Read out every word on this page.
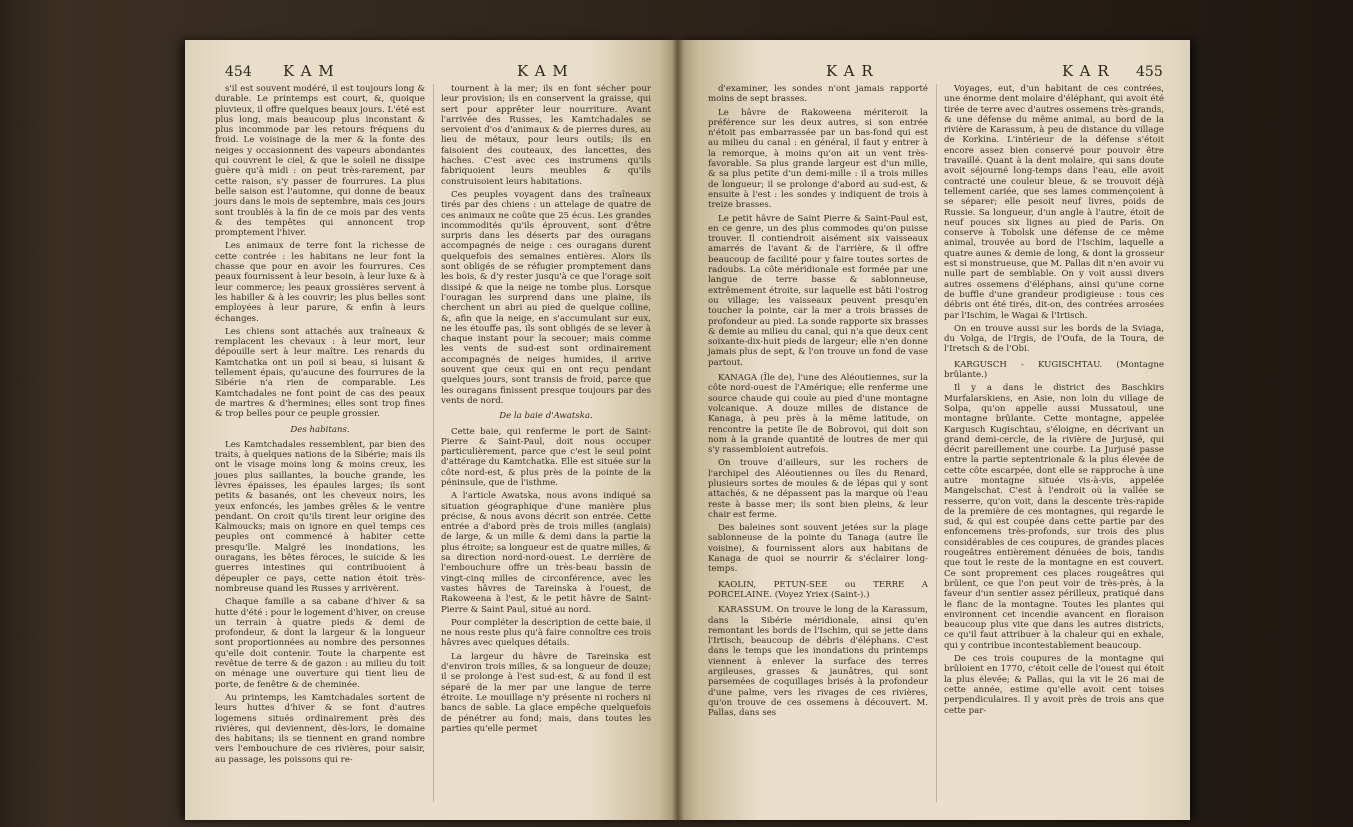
454 KAM	KAM

s'il est souvent modéré, il est toujours long & durable. Le printemps est court, &, quoique pluvieux, il offre quelques beaux jours. L'été est plus long, mais beaucoup plus inconstant & plus incommode par les retours fréquens du froid. Le voisinage de la mer & la fonte des neiges y occasionnent des vapeurs abondantes qui couvrent le ciel, & que le soleil ne dissipe guère qu'à midi : on peut très-rarement, par cette raison, s'y passer de fourrures. La plus belle saison est l'automne, qui donne de beaux jours dans le mois de septembre, mais ces jours sont troublés à la fin de ce mois par des vents & des tempêtes qui annoncent trop promptement l'hiver.

Les animaux de terre font la richesse de cette contrée : les habitans ne leur font la chasse que pour en avoir les fourrures. Ces peaux fournissent à leur besoin, à leur luxe & à leur commerce; les peaux grossières servent à les habiller & à les couvrir; les plus belles sont employées à leur parure, & enfin à leurs échanges.

Les chiens sont attachés aux traîneaux & remplacent les chevaux : à leur mort, leur dépouille sert à leur maître. Les renards du Kamtchatka ont un poil si beau, si luisant & tellement épais, qu'aucune des fourrures de la Sibérie n'a rien de comparable. Les Kamtchadales ne font point de cas des peaux de martres & d'hermines; elles sont trop fines & trop belles pour ce peuple grossier.

Des habitans.

Les Kamtchadales ressemblent, par bien des traits, à quelques nations de la Sibérie; mais ils ont le visage moins long & moins creux, les joues plus saillantes, la bouche grande, les lèvres épaisses, les épaules larges; ils sont petits & basanés, ont les cheveux noirs, les yeux enfoncés, les jambes grêles & le ventre pendant. On croit qu'ils tirent leur origine des Kalmoucks; mais on ignore en quel temps ces peuples ont commencé à habiter cette presqu'île. Malgré les inondations, les ouragans, les bêtes féroces, le suicide & les guerres intestines qui contribuoient à dépeupler ce pays, cette nation étoit très-nombreuse quand les Russes y arrivèrent.

Chaque famille a sa cabane d'hiver & sa hutte d'été : pour le logement d'hiver, on creuse un terrain à quatre pieds & demi de profondeur, & dont la largeur & la longueur sont proportionnées au nombre des personnes qu'elle doit contenir. Toute la charpente est revêtue de terre & de gazon : au milieu du toit on ménage une ouverture qui tient lieu de porte, de fenêtre & de cheminée.

Au printemps, les Kamtchadales sortent de leurs huttes d'hiver & se font d'autres logemens situés ordinairement près des rivières, qui deviennent, dès-lors, le domaine des habitans; ils se tiennent en grand nombre vers l'embouchure de ces rivières, pour saisir, au passage, les poissons qui re-

tournent à la mer; ils en font sécher pour leur provision; ils en conservent la graisse, qui sert pour apprêter leur nourriture. Avant l'arrivée des Russes, les Kamtchadales se servoient d'os d'animaux & de pierres dures, au lieu de métaux, pour leurs outils; ils en faisoient des couteaux, des lancettes, des haches. C'est avec ces instrumens qu'ils fabriquoient leurs meubles & qu'ils construisoient leurs habitations.

Ces peuples voyagent dans des traîneaux tirés par des chiens : un attelage de quatre de ces animaux ne coûte que 25 écus. Les grandes incommodités qu'ils éprouvent, sont d'être surpris dans les déserts par des ouragans accompagnés de neige : ces ouragans durent quelquefois des semaines entières. Alors ils sont obligés de se réfugier promptement dans les bois, & d'y rester jusqu'à ce que l'orage soit dissipé & que la neige ne tombe plus. Lorsque l'ouragan les surprend dans une plaine, ils cherchent un abri au pied de quelque colline, &, afin que la neige, en s'accumulant sur eux, ne les étouffe pas, ils sont obligés de se lever à chaque instant pour la secouer; mais comme les vents de sud-est sont ordinairement accompagnés de neiges humides, il arrive souvent que ceux qui en ont reçu pendant quelques jours, sont transis de froid, parce que les ouragans finissent presque toujours par des vents de nord.

De la baie d'Awatska.

Cette baie, qui renferme le port de Saint-Pierre & Saint-Paul, doit nous occuper particulièrement, parce que c'est le seul point d'attérage du Kamtchatka. Elle est située sur la côte nord-est, & plus près de la pointe de la péninsule, que de l'isthme.

A l'article Awatska, nous avons indiqué sa situation géographique d'une manière plus précise, & nous avons décrit son entrée. Cette entrée a d'abord près de trois milles (anglais) de large, & un mille & demi dans la partie la plus étroite; sa longueur est de quatre milles, & sa direction nord-nord-ouest. Le derrière de l'embouchure offre un très-beau bassin de vingt-cinq milles de circonférence, avec les vastes hâvres de Tareinska à l'ouest, de Rakoweena à l'est, & le petit hâvre de Saint-Pierre & Saint Paul, situé au nord.

Pour compléter la description de cette baie, il ne nous reste plus qu'à faire connoître ces trois hâvres avec quelques détails.

La largeur du hâvre de Tareinska est d'environ trois milles, & sa longueur de douze; il se prolonge à l'est sud-est, & au fond il est séparé de la mer par une langue de terre étroite. Le mouillage n'y présente ni rochers ni bancs de sable. La glace empêche quelquefois de pénétrer au fond; mais, dans toutes les parties qu'elle permet

KAR	KAR 455

d'examiner, les sondes n'ont jamais rapporté moins de sept brasses.

Le hâvre de Rakoweena mériteroit la préférence sur les deux autres, si son entrée n'étoit pas embarrassée par un bas-fond qui est au milieu du canal : en général, il faut y entrer à la remorque, à moins qu'on ait un vent très-favorable. Sa plus grande largeur est d'un mille, & sa plus petite d'un demi-mille : il a trois milles de longueur; il se prolonge d'abord au sud-est, & ensuite à l'est : les sondes y indiquent de trois à treize brasses.

Le petit hâvre de Saint Pierre & Saint-Paul est, en ce genre, un des plus commodes qu'on puisse trouver. Il contiendroit aisément six vaisseaux amarrés de l'avant & de l'arrière, & il offre beaucoup de facilité pour y faire toutes sortes de radoubs. La côte méridionale est formée par une langue de terre basse & sablonneuse, extrêmement étroite, sur laquelle est bâti l'ostrog ou village; les vaisseaux peuvent presqu'en toucher la pointe, car la mer a trois brasses de profondeur au pied. La sonde rapporte six brasses & demie au milieu du canal, qui n'a que deux cent soixante-dix-huit pieds de largeur; elle n'en donne jamais plus de sept, & l'on trouve un fond de vase partout.

KANAGA (Île de), l'une des Aléoutiennes, sur la côte nord-ouest de l'Amérique; elle renferme une source chaude qui coule au pied d'une montagne volcanique. A douze milles de distance de Kanaga, à peu près à la même latitude, on rencontre la petite île de Bobrovoi, qui doit son nom à la grande quantité de loutres de mer qui s'y rassembloient autrefois.

On trouve d'ailleurs, sur les rochers de l'archipel des Aléoutiennes ou îles du Renard, plusieurs sortes de moules & de lépas qui y sont attachés, & ne dépassent pas la marque où l'eau reste à basse mer; ils sont bien pleins, & leur chair est ferme.

Des baleines sont souvent jetées sur la plage sablonneuse de la pointe du Tanaga (autre île voisine), & fournissent alors aux habitans de Kanaga de quoi se nourrir & s'éclairer long-temps.

KAOLIN, PETUN-SEE ou TERRE A PORCELAINE. (Voyez Yriex (Saint-).)

KARASSUM. On trouve le long de la Karassum, dans la Sibérie méridionale, ainsi qu'en remontant les bords de l'Ischim, qui se jette dans l'Irtisch, beaucoup de débris d'éléphans. C'est dans le temps que les inondations du printemps viennent à enlever la surface des terres argileuses, grasses & jaunâtres, qui sont parsemées de coquillages brisés à la profondeur d'une palme, vers les rivages de ces rivières, qu'on trouve de ces ossemens à découvert. M. Pallas, dans ses

Voyages, eut, d'un habitant de ces contrées, une énorme dent molaire d'éléphant, qui avoit été tirée de terre avec d'autres ossemens très-grands, & une défense du même animal, au bord de la rivière de Karassum, à peu de distance du village de Korkina. L'intérieur de la défense s'étoit encore assez bien conservé pour pouvoir être travaillé. Quant à la dent molaire, qui sans doute avoit séjourné long-temps dans l'eau, elle avoit contracté une couleur bleue, & se trouvoit déjà tellement cariée, que ses lames commençoient à se séparer; elle pesoit neuf livres, poids de Russie. Sa longueur, d'un angle à l'autre, étoit de neuf pouces six lignes au pied de Paris. On conserve à Tobolsk une défense de ce même animal, trouvée au bord de l'Ischim, laquelle a quatre aunes & demie de long, & dont la grosseur est si monstrueuse, que M. Pallas dit n'en avoir vu nulle part de semblable. On y voit aussi divers autres ossemens d'éléphans, ainsi qu'une corne de buffle d'une grandeur prodigieuse : tous ces débris ont été tirés, dit-on, des contrées arrosées par l'Ischim, le Wagai & l'Irtisch.

On en trouve aussi sur les bords de la Sviaga, du Volga, de l'Irgis, de l'Oufa, de la Toura, de l'Iretsch & de l'Obi.

KARGUSCH - KUGISCHTAU. (Montagne brûlante.)

Il y a dans le district des Baschkirs Murfalarskiens, en Asie, non loin du village de Solpa, qu'on appelle aussi Mussatoul, une montagne brûlante. Cette montagne, appelée Kargusch Kugischtau, s'éloigne, en décrivant un grand demi-cercle, de la rivière de Jurjusé, qui décrit pareillement une courbe. La Jurjusé passe entre la partie septentrionale & la plus élevée de cette côte escarpée, dont elle se rapproche à une autre montagne située vis-à-vis, appelée Mangelschat. C'est à l'endroit où la vallée se resserre, qu'on voit, dans la descente très-rapide de la première de ces montagnes, qui regarde le sud, & qui est coupée dans cette partie par des enfoncemens très-profonds, sur trois des plus considérables de ces coupures, de grandes places rougeâtres entièrement dénuées de bois, tandis que tout le reste de la montagne en est couvert. Ce sont proprement ces places rougeâtres qui brûlent, ce que l'on peut voir de très-près, à la faveur d'un sentier assez périlleux, pratiqué dans le flanc de la montagne. Toutes les plantes qui environnent cet incendie avancent en floraison beaucoup plus vite que dans les autres districts, ce qu'il faut attribuer à la chaleur qui en exhale, qui y contribue incontestablement beaucoup.

De ces trois coupures de la montagne qui brûloient en 1770, c'étoit celle de l'ouest qui étoit la plus élevée; & Pallas, qui la vit le 26 mai de cette année, estime qu'elle avoit cent toises perpendiculaires. Il y avoit près de trois ans que cette par-
